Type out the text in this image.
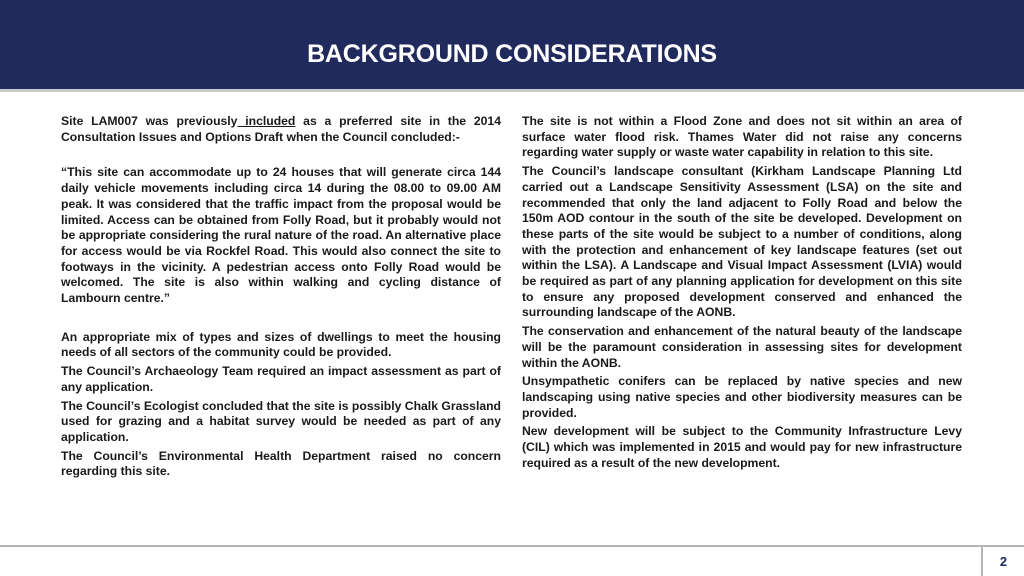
BACKGROUND CONSIDERATIONS

Site LAM007 was previously included as a preferred site in the 2014 Consultation Issues and Options Draft when the Council concluded:-

“This site can accommodate up to 24 houses that will generate circa 144 daily vehicle movements including circa 14 during the 08.00 to 09.00 AM peak. It was considered that the traffic impact from the proposal would be limited. Access can be obtained from Folly Road, but it probably would not be appropriate considering the rural nature of the road. An alternative place for access would be via Rockfel Road. This would also connect the site to footways in the vicinity. A pedestrian access onto Folly Road would be welcomed. The site is also within walking and cycling distance of Lambourn centre.”

An appropriate mix of types and sizes of dwellings to meet the housing needs of all sectors of the community could be provided.

The Council’s Archaeology Team required an impact assessment as part of any application.

The Council’s Ecologist concluded that the site is possibly Chalk Grassland used for grazing and a habitat survey would be needed as part of any application.

The Council’s Environmental Health Department raised no concern regarding this site.

The site is not within a Flood Zone and does not sit within an area of surface water flood risk. Thames Water did not raise any concerns regarding water supply or waste water capability in relation to this site.

The Council’s landscape consultant (Kirkham Landscape Planning Ltd carried out a Landscape Sensitivity Assessment (LSA) on the site and recommended that only the land adjacent to Folly Road and below the 150m AOD contour in the south of the site be developed. Development on these parts of the site would be subject to a number of conditions, along with the protection and enhancement of key landscape features (set out within the LSA). A Landscape and Visual Impact Assessment (LVIA) would be required as part of any planning application for development on this site to ensure any proposed development conserved and enhanced the surrounding landscape of the AONB.

The conservation and enhancement of the natural beauty of the landscape will be the paramount consideration in assessing sites for development within the AONB.

Unsympathetic conifers can be replaced by native species and new landscaping using native species and other biodiversity measures can be provided.

New development will be subject to the Community Infrastructure Levy (CIL) which was implemented in 2015 and would pay for new infrastructure required as a result of the new development.

2
